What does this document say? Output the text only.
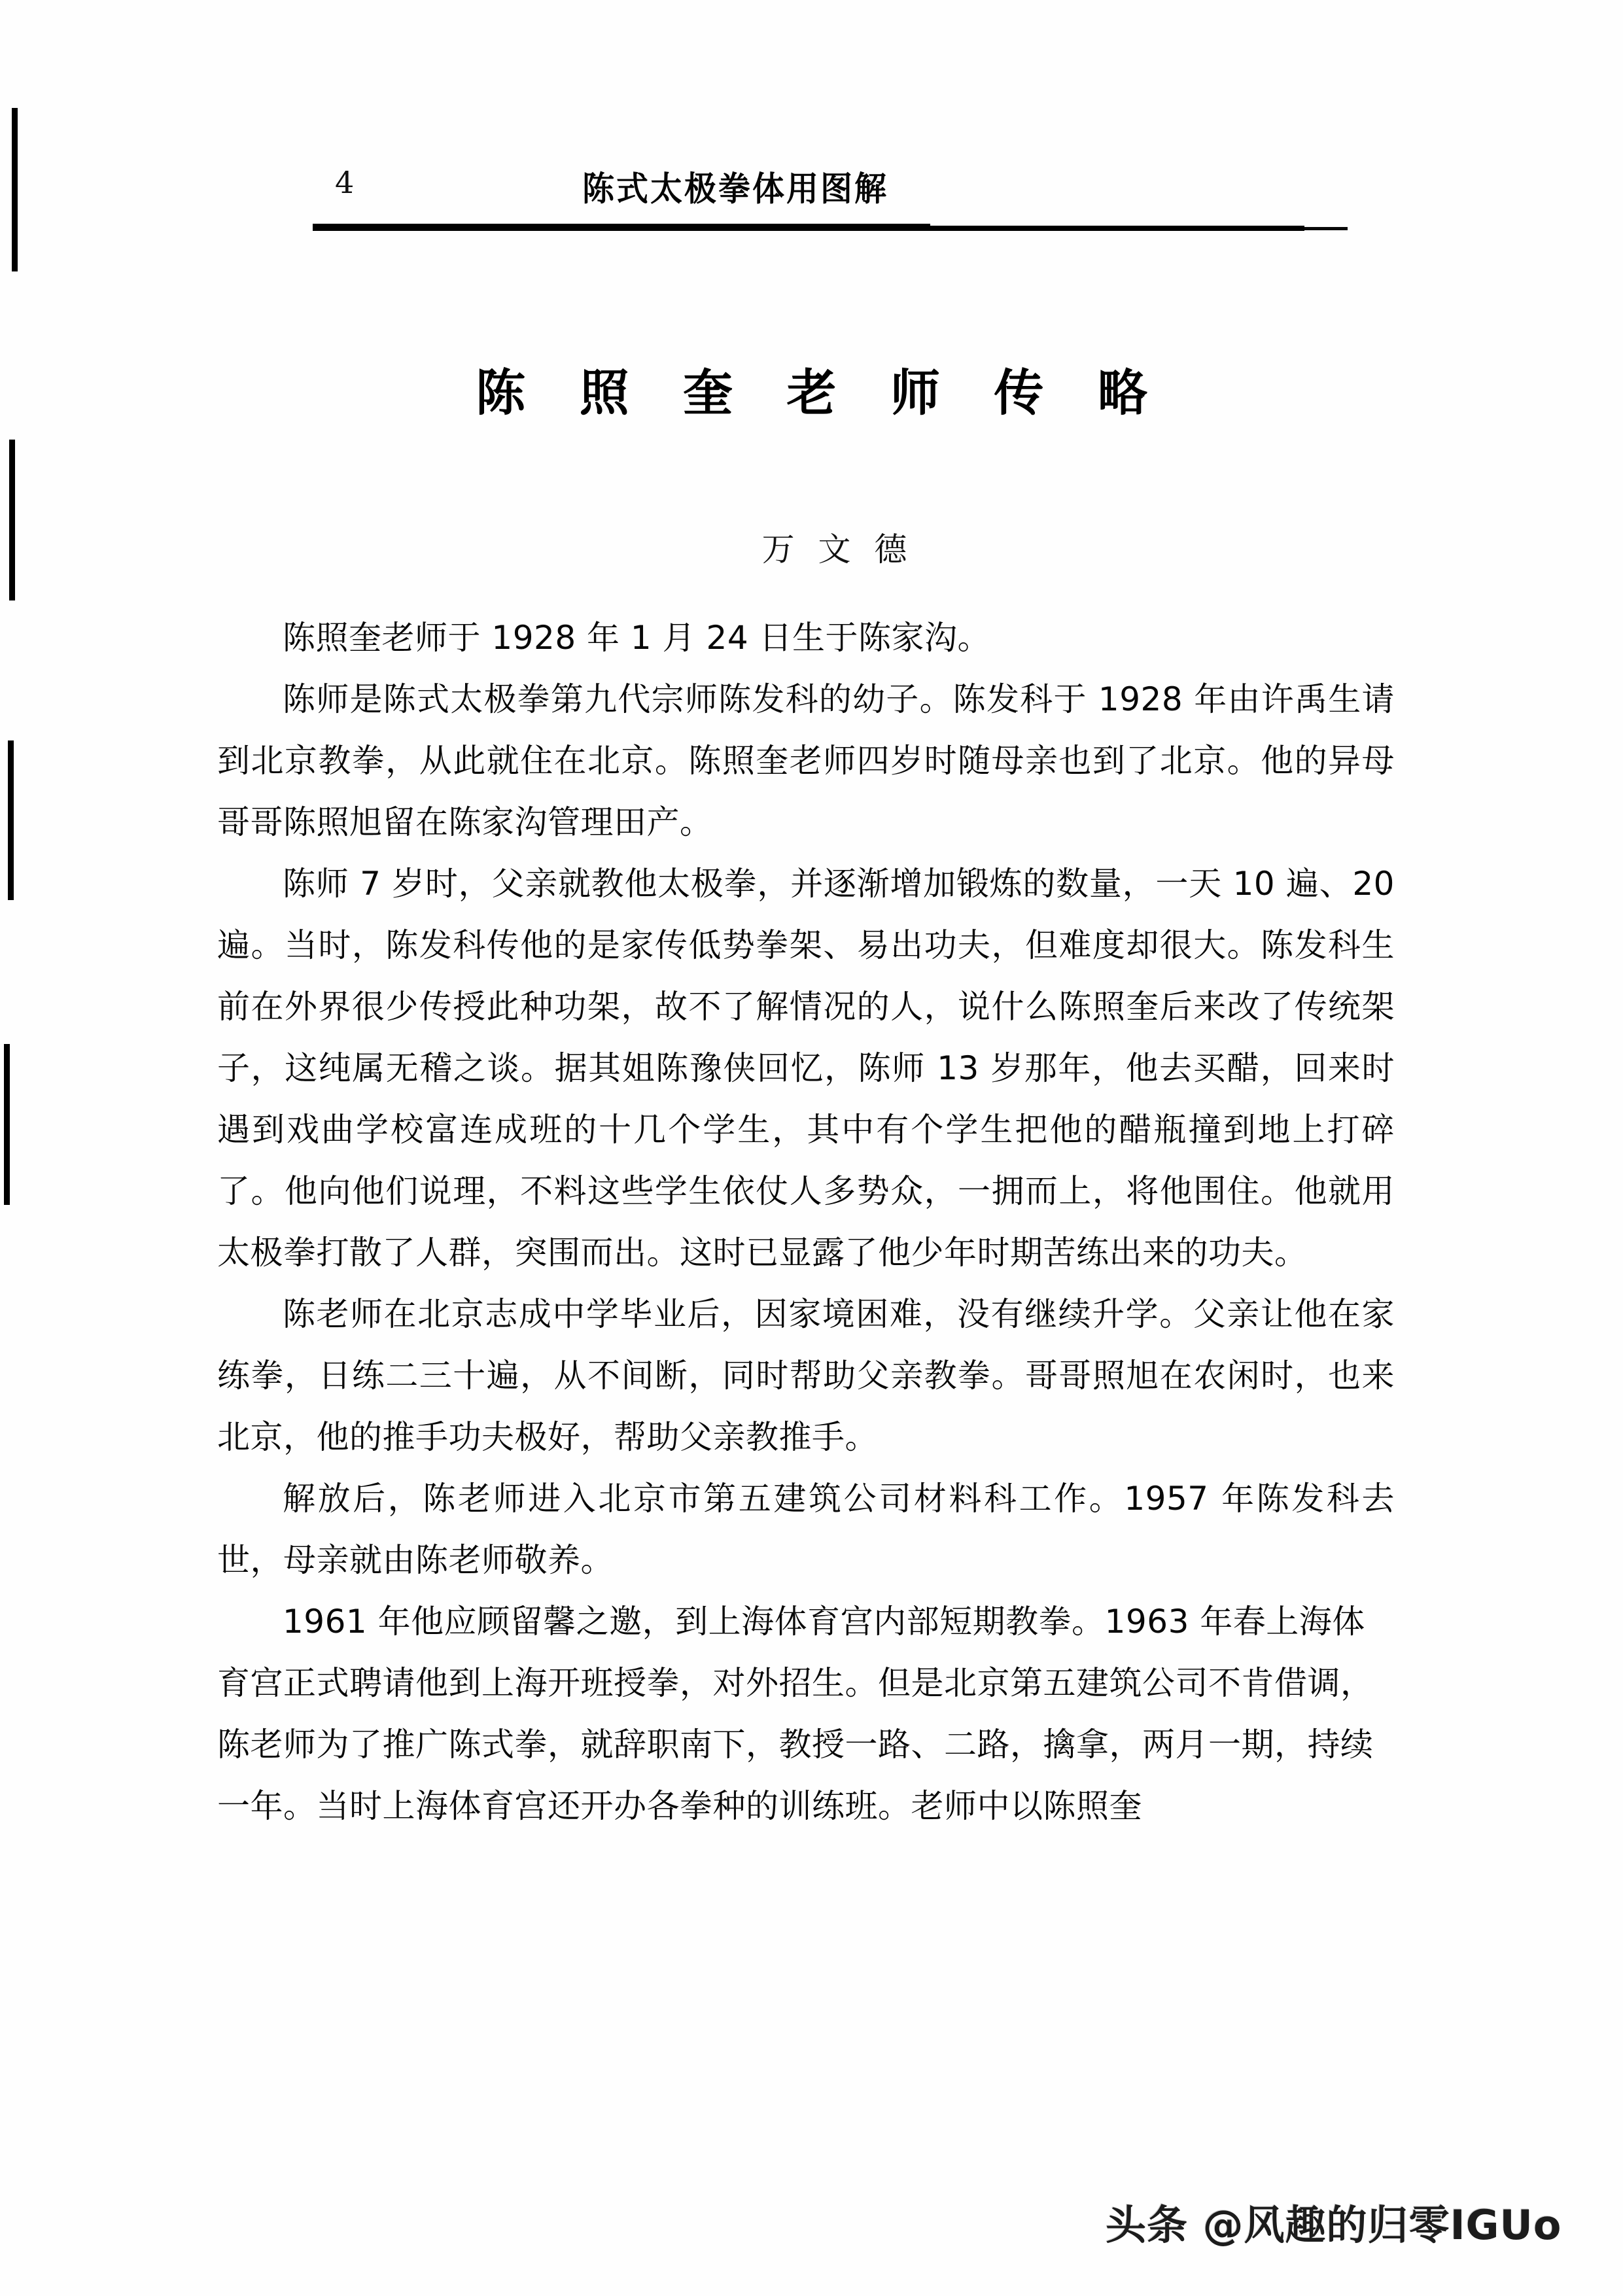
4	陈式太极拳体用图解
陈 照 奎 老 师 传 略
万 文 德

陈照奎老师于 1928 年 1 月 24 日生于陈家沟。

陈师是陈式太极拳第九代宗师陈发科的幼子。陈发科于 1928 年由许禹生请到北京教拳，从此就住在北京。陈照奎老师四岁时随母亲也到了北京。他的异母哥哥陈照旭留在陈家沟管理田产。

陈师 7 岁时，父亲就教他太极拳，并逐渐增加锻炼的数量，一天 10 遍、20 遍。当时，陈发科传他的是家传低势拳架、易出功夫，但难度却很大。陈发科生前在外界很少传授此种功架，故不了解情况的人，说什么陈照奎后来改了传统架子，这纯属无稽之谈。据其姐陈豫侠回忆，陈师 13 岁那年，他去买醋，回来时遇到戏曲学校富连成班的十几个学生，其中有个学生把他的醋瓶撞到地上打碎了。他向他们说理，不料这些学生依仗人多势众，一拥而上，将他围住。他就用太极拳打散了人群，突围而出。这时已显露了他少年时期苦练出来的功夫。

陈老师在北京志成中学毕业后，因家境困难，没有继续升学。父亲让他在家练拳，日练二三十遍，从不间断，同时帮助父亲教拳。哥哥照旭在农闲时，也来北京，他的推手功夫极好，帮助父亲教推手。

解放后，陈老师进入北京市第五建筑公司材料科工作。1957 年陈发科去世，母亲就由陈老师敬养。

1961 年他应顾留馨之邀，到上海体育宫内部短期教拳。1963 年春上海体育宫正式聘请他到上海开班授拳，对外招生。但是北京第五建筑公司不肯借调，陈老师为了推广陈式拳，就辞职南下，教授一路、二路，擒拿，两月一期，持续一年。当时上海体育宫还开办各拳种的训练班。老师中以陈照奎

头条 @风趣的归零IGUo
